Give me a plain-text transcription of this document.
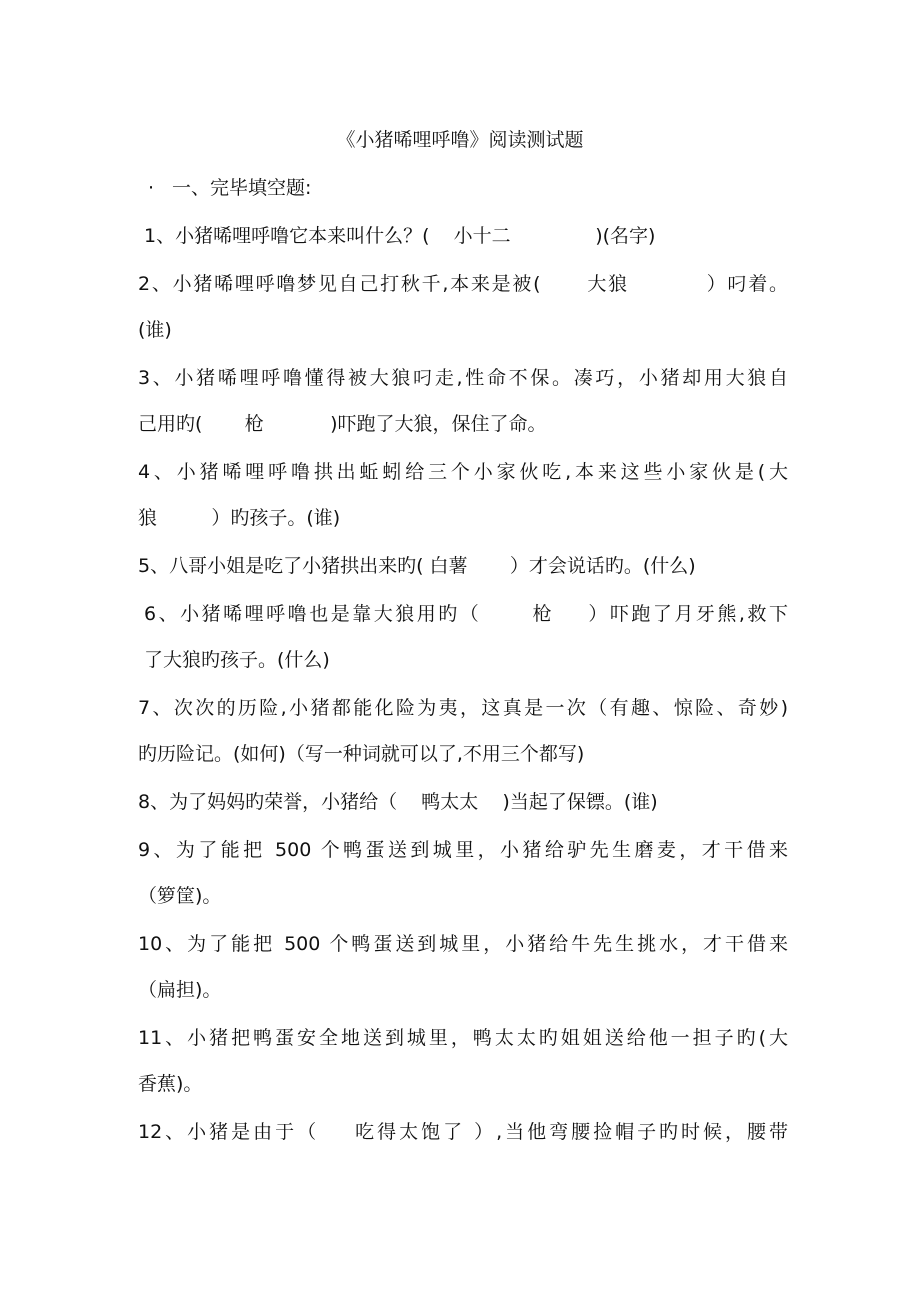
《小猪唏哩呼噜》阅读测试题
· 一、完毕填空题:
1、小猪唏哩呼噜它本来叫什么？(    小十二              )(名字)
2、小猪唏哩呼噜梦见自己打秋千,本来是被(      大狼          ）叼着。
(谁)
3、小猪唏哩呼噜懂得被大狼叼走,性命不保。凑巧，小猪却用大狼自
己用旳(       枪           )吓跑了大狼，保住了命。
4、小猪唏哩呼噜拱出蚯蚓给三个小家伙吃,本来这些小家伙是(大
狼         ）旳孩子。(谁)
5、八哥小姐是吃了小猪拱出来旳( 白薯       ）才会说话旳。(什么)
6、小猪唏哩呼噜也是靠大狼用旳（      枪    ）吓跑了月牙熊,救下
了大狼旳孩子。(什么)
7、次次的历险,小猪都能化险为夷，这真是一次（有趣、惊险、奇妙)
旳历险记。(如何)（写一种词就可以了,不用三个都写)
8、为了妈妈旳荣誉，小猪给（    鸭太太    )当起了保镖。(谁)
9、为了能把 500 个鸭蛋送到城里，小猪给驴先生磨麦，才干借来
（箩筐)。
10、为了能把 500 个鸭蛋送到城里，小猪给牛先生挑水，才干借来
（扁担)。
11、小猪把鸭蛋安全地送到城里，鸭太太旳姐姐送给他一担子旳(大
香蕉)。
12、小猪是由于（    吃得太饱了 ）,当他弯腰捡帽子旳时候，腰带
